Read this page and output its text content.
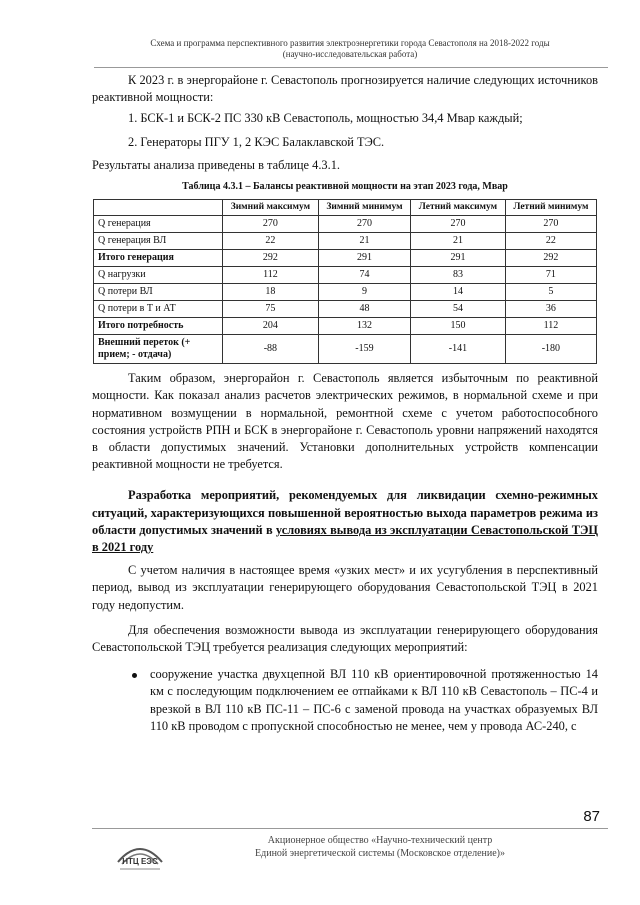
Схема и программа перспективного развития электроэнергетики города Севастополя на 2018-2022 годы
(научно-исследовательская работа)

К 2023 г. в энергорайоне г. Севастополь прогнозируется наличие следующих источников реактивной мощности:

1. БСК-1 и БСК-2 ПС 330 кВ Севастополь, мощностью 34,4 Мвар каждый;
2. Генераторы ПГУ 1, 2 КЭС Балаклавской ТЭС.

Результаты анализа приведены в таблице 4.3.1.

Таблица 4.3.1 – Балансы реактивной мощности на этап 2023 года, Мвар
	Зимний максимум	Зимний минимум	Летний максимум	Летний минимум
Q генерация	270	270	270	270
Q генерация ВЛ	22	21	21	22
Итого генерация	292	291	291	292
Q нагрузки	112	74	83	71
Q потери ВЛ	18	9	14	5
Q потери в Т и АТ	75	48	54	36
Итого потребность	204	132	150	112
Внешний переток (+ прием; - отдача)	-88	-159	-141	-180

Таким образом, энергорайон г. Севастополь является избыточным по реактивной мощности. Как показал анализ расчетов электрических режимов, в нормальной схеме и при нормативном возмущении в нормальной, ремонтной схеме с учетом работоспособного состояния устройств РПН и БСК в энергорайоне г. Севастополь уровни напряжений находятся в области допустимых значений. Установки дополнительных устройств компенсации реактивной мощности не требуется.

Разработка мероприятий, рекомендуемых для ликвидации схемно-режимных ситуаций, характеризующихся повышенной вероятностью выхода параметров режима из области допустимых значений в условиях вывода из эксплуатации Севастопольской ТЭЦ в 2021 году

С учетом наличия в настоящее время «узких мест» и их усугубления в перспективный период, вывод из эксплуатации генерирующего оборудования Севастопольской ТЭЦ в 2021 году недопустим.

Для обеспечения возможности вывода из эксплуатации генерирующего оборудования Севастопольской ТЭЦ требуется реализация следующих мероприятий:

сооружение участка двухцепной ВЛ 110 кВ ориентировочной протяженностью 14 км с последующим подключением ее отпайками к ВЛ 110 кВ Севастополь – ПС-4 и врезкой в ВЛ 110 кВ ПС-11 – ПС-6 с заменой провода на участках образуемых ВЛ 110 кВ проводом с пропускной способностью не менее, чем у провода АС-240, с

87
НТЦ ЕЭС
Акционерное общество «Научно-технический центр
Единой энергетической системы (Московское отделение)»
